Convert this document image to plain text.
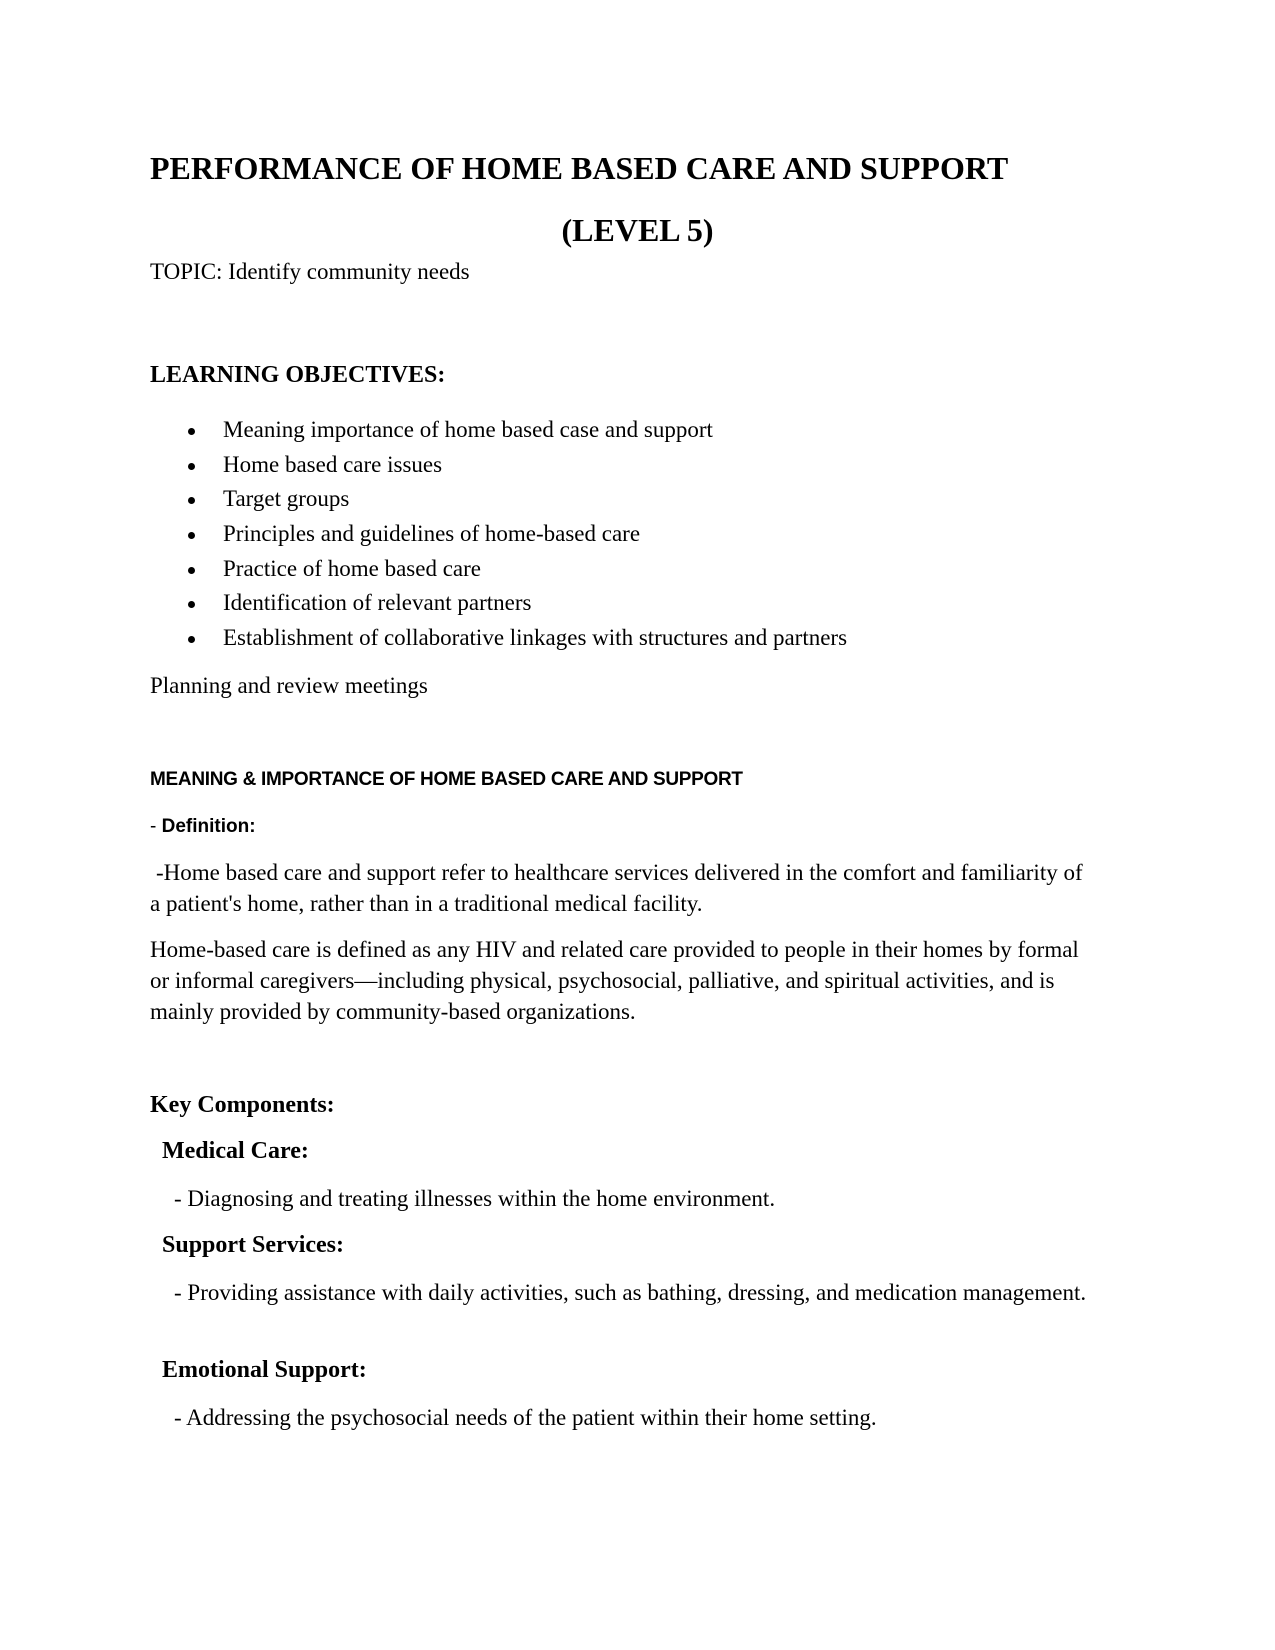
PERFORMANCE OF HOME BASED CARE AND SUPPORT
(LEVEL 5)

TOPIC: Identify community needs

LEARNING OBJECTIVES:
Meaning importance of home based case and support
Home based care issues
Target groups
Principles and guidelines of home-based care
Practice of home based care
Identification of relevant partners
Establishment of collaborative linkages with structures and partners

Planning and review meetings

MEANING & IMPORTANCE OF HOME BASED CARE AND SUPPORT

- Definition:

-Home based care and support refer to healthcare services delivered in the comfort and familiarity of a patient's home, rather than in a traditional medical facility.

Home-based care is defined as any HIV and related care provided to people in their homes by formal or informal caregivers—including physical, psychosocial, palliative, and spiritual activities, and is mainly provided by community-based organizations.

Key Components:
Medical Care:

- Diagnosing and treating illnesses within the home environment.

Support Services:

- Providing assistance with daily activities, such as bathing, dressing, and medication management.

Emotional Support:

- Addressing the psychosocial needs of the patient within their home setting.
